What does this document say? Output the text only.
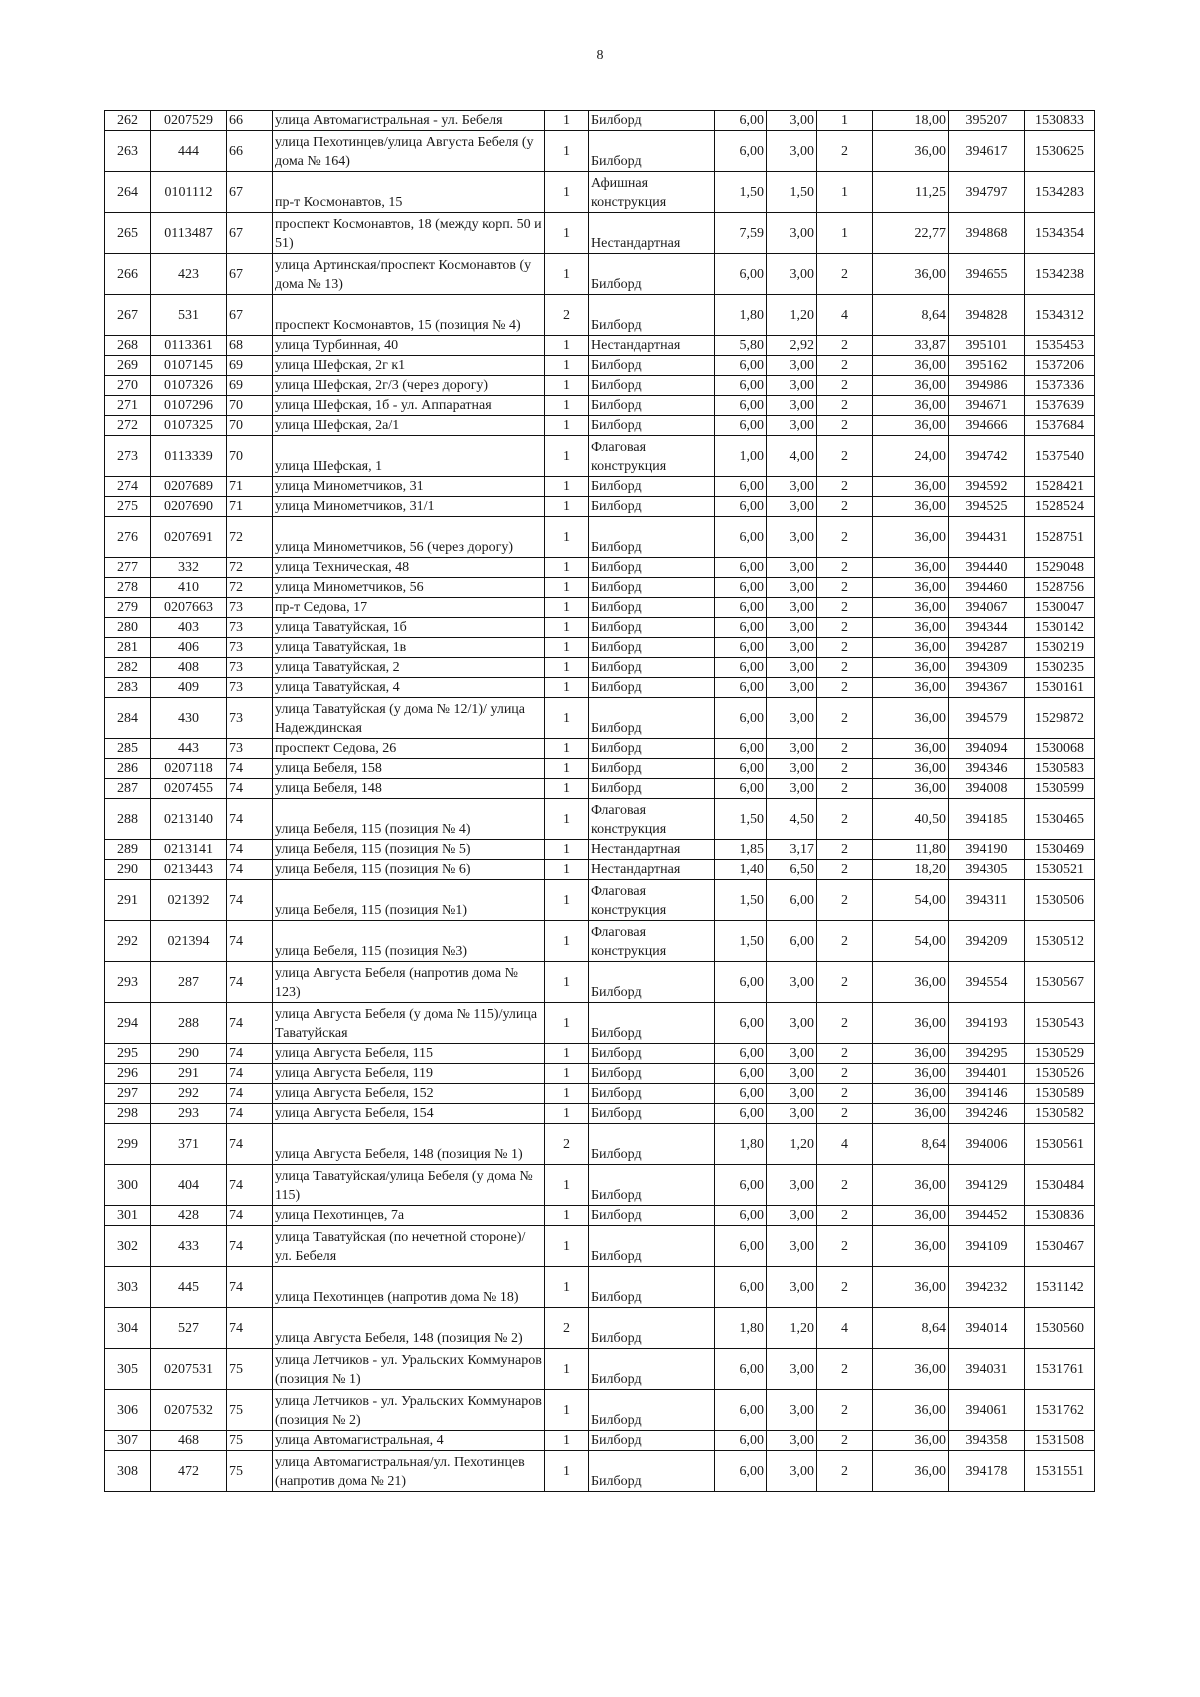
8
262	0207529	66	улица Автомагистральная - ул. Бебеля	1	Билборд	6,00	3,00	1	18,00	395207	1530833
263	444	66	улица Пехотинцев/улица Августа Бебеля (у дома № 164)	1	Билборд	6,00	3,00	2	36,00	394617	1530625
264	0101112	67	пр-т Космонавтов, 15	1	Афишная конструкция	1,50	1,50	1	11,25	394797	1534283
265	0113487	67	проспект Космонавтов, 18 (между корп. 50 и 51)	1	Нестандартная	7,59	3,00	1	22,77	394868	1534354
266	423	67	улица Артинская/проспект Космонавтов (у дома № 13)	1	Билборд	6,00	3,00	2	36,00	394655	1534238
267	531	67	проспект Космонавтов, 15 (позиция № 4)	2	Билборд	1,80	1,20	4	8,64	394828	1534312
268	0113361	68	улица Турбинная, 40	1	Нестандартная	5,80	2,92	2	33,87	395101	1535453
269	0107145	69	улица Шефская, 2г к1	1	Билборд	6,00	3,00	2	36,00	395162	1537206
270	0107326	69	улица Шефская, 2г/3 (через дорогу)	1	Билборд	6,00	3,00	2	36,00	394986	1537336
271	0107296	70	улица Шефская, 1б - ул. Аппаратная	1	Билборд	6,00	3,00	2	36,00	394671	1537639
272	0107325	70	улица Шефская, 2а/1	1	Билборд	6,00	3,00	2	36,00	394666	1537684
273	0113339	70	улица Шефская, 1	1	Флаговая конструкция	1,00	4,00	2	24,00	394742	1537540
274	0207689	71	улица Минометчиков, 31	1	Билборд	6,00	3,00	2	36,00	394592	1528421
275	0207690	71	улица Минометчиков, 31/1	1	Билборд	6,00	3,00	2	36,00	394525	1528524
276	0207691	72	улица Минометчиков, 56 (через дорогу)	1	Билборд	6,00	3,00	2	36,00	394431	1528751
277	332	72	улица Техническая, 48	1	Билборд	6,00	3,00	2	36,00	394440	1529048
278	410	72	улица Минометчиков, 56	1	Билборд	6,00	3,00	2	36,00	394460	1528756
279	0207663	73	пр-т Седова, 17	1	Билборд	6,00	3,00	2	36,00	394067	1530047
280	403	73	улица Таватуйская, 1б	1	Билборд	6,00	3,00	2	36,00	394344	1530142
281	406	73	улица Таватуйская, 1в	1	Билборд	6,00	3,00	2	36,00	394287	1530219
282	408	73	улица Таватуйская, 2	1	Билборд	6,00	3,00	2	36,00	394309	1530235
283	409	73	улица Таватуйская, 4	1	Билборд	6,00	3,00	2	36,00	394367	1530161
284	430	73	улица Таватуйская (у дома № 12/1)/ улица Надеждинская	1	Билборд	6,00	3,00	2	36,00	394579	1529872
285	443	73	проспект Седова, 26	1	Билборд	6,00	3,00	2	36,00	394094	1530068
286	0207118	74	улица Бебеля, 158	1	Билборд	6,00	3,00	2	36,00	394346	1530583
287	0207455	74	улица Бебеля, 148	1	Билборд	6,00	3,00	2	36,00	394008	1530599
288	0213140	74	улица Бебеля, 115 (позиция № 4)	1	Флаговая конструкция	1,50	4,50	2	40,50	394185	1530465
289	0213141	74	улица Бебеля, 115 (позиция № 5)	1	Нестандартная	1,85	3,17	2	11,80	394190	1530469
290	0213443	74	улица Бебеля, 115 (позиция № 6)	1	Нестандартная	1,40	6,50	2	18,20	394305	1530521
291	021392	74	улица Бебеля, 115 (позиция №1)	1	Флаговая конструкция	1,50	6,00	2	54,00	394311	1530506
292	021394	74	улица Бебеля, 115 (позиция №3)	1	Флаговая конструкция	1,50	6,00	2	54,00	394209	1530512
293	287	74	улица Августа Бебеля (напротив дома № 123)	1	Билборд	6,00	3,00	2	36,00	394554	1530567
294	288	74	улица Августа Бебеля (у дома № 115)/улица Таватуйская	1	Билборд	6,00	3,00	2	36,00	394193	1530543
295	290	74	улица Августа Бебеля, 115	1	Билборд	6,00	3,00	2	36,00	394295	1530529
296	291	74	улица Августа Бебеля, 119	1	Билборд	6,00	3,00	2	36,00	394401	1530526
297	292	74	улица Августа Бебеля, 152	1	Билборд	6,00	3,00	2	36,00	394146	1530589
298	293	74	улица Августа Бебеля, 154	1	Билборд	6,00	3,00	2	36,00	394246	1530582
299	371	74	улица Августа Бебеля, 148 (позиция № 1)	2	Билборд	1,80	1,20	4	8,64	394006	1530561
300	404	74	улица Таватуйская/улица Бебеля (у дома № 115)	1	Билборд	6,00	3,00	2	36,00	394129	1530484
301	428	74	улица Пехотинцев, 7а	1	Билборд	6,00	3,00	2	36,00	394452	1530836
302	433	74	улица Таватуйская (по нечетной стороне)/ул. Бебеля	1	Билборд	6,00	3,00	2	36,00	394109	1530467
303	445	74	улица Пехотинцев (напротив дома № 18)	1	Билборд	6,00	3,00	2	36,00	394232	1531142
304	527	74	улица Августа Бебеля, 148 (позиция № 2)	2	Билборд	1,80	1,20	4	8,64	394014	1530560
305	0207531	75	улица Летчиков - ул. Уральских Коммунаров (позиция № 1)	1	Билборд	6,00	3,00	2	36,00	394031	1531761
306	0207532	75	улица Летчиков - ул. Уральских Коммунаров (позиция № 2)	1	Билборд	6,00	3,00	2	36,00	394061	1531762
307	468	75	улица Автомагистральная, 4	1	Билборд	6,00	3,00	2	36,00	394358	1531508
308	472	75	улица Автомагистральная/ул. Пехотинцев (напротив дома № 21)	1	Билборд	6,00	3,00	2	36,00	394178	1531551
